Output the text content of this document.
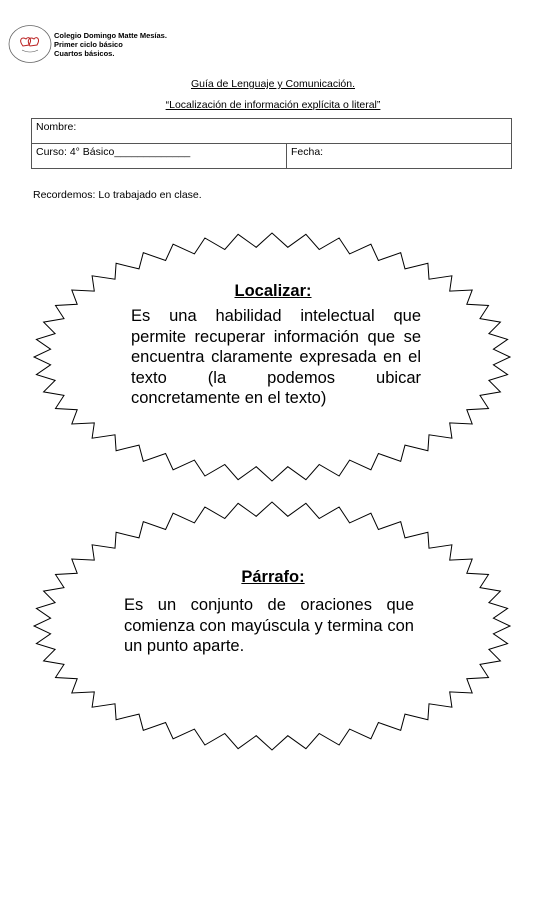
Colegio Domingo Matte Mesías.
Primer ciclo básico
Cuartos básicos.
Guía de Lenguaje y Comunicación.
“Localización de información explícita o literal”
Nombre:
Curso: 4° Básico_____________	Fecha:
Recordemos: Lo trabajado en clase.
Localizar:
Es una habilidad intelectual que permite recuperar información que se encuentra claramente expresada en el texto (la podemos ubicar concretamente en el texto)
Párrafo:
Es un conjunto de oraciones que comienza con mayúscula y termina con un punto aparte.
